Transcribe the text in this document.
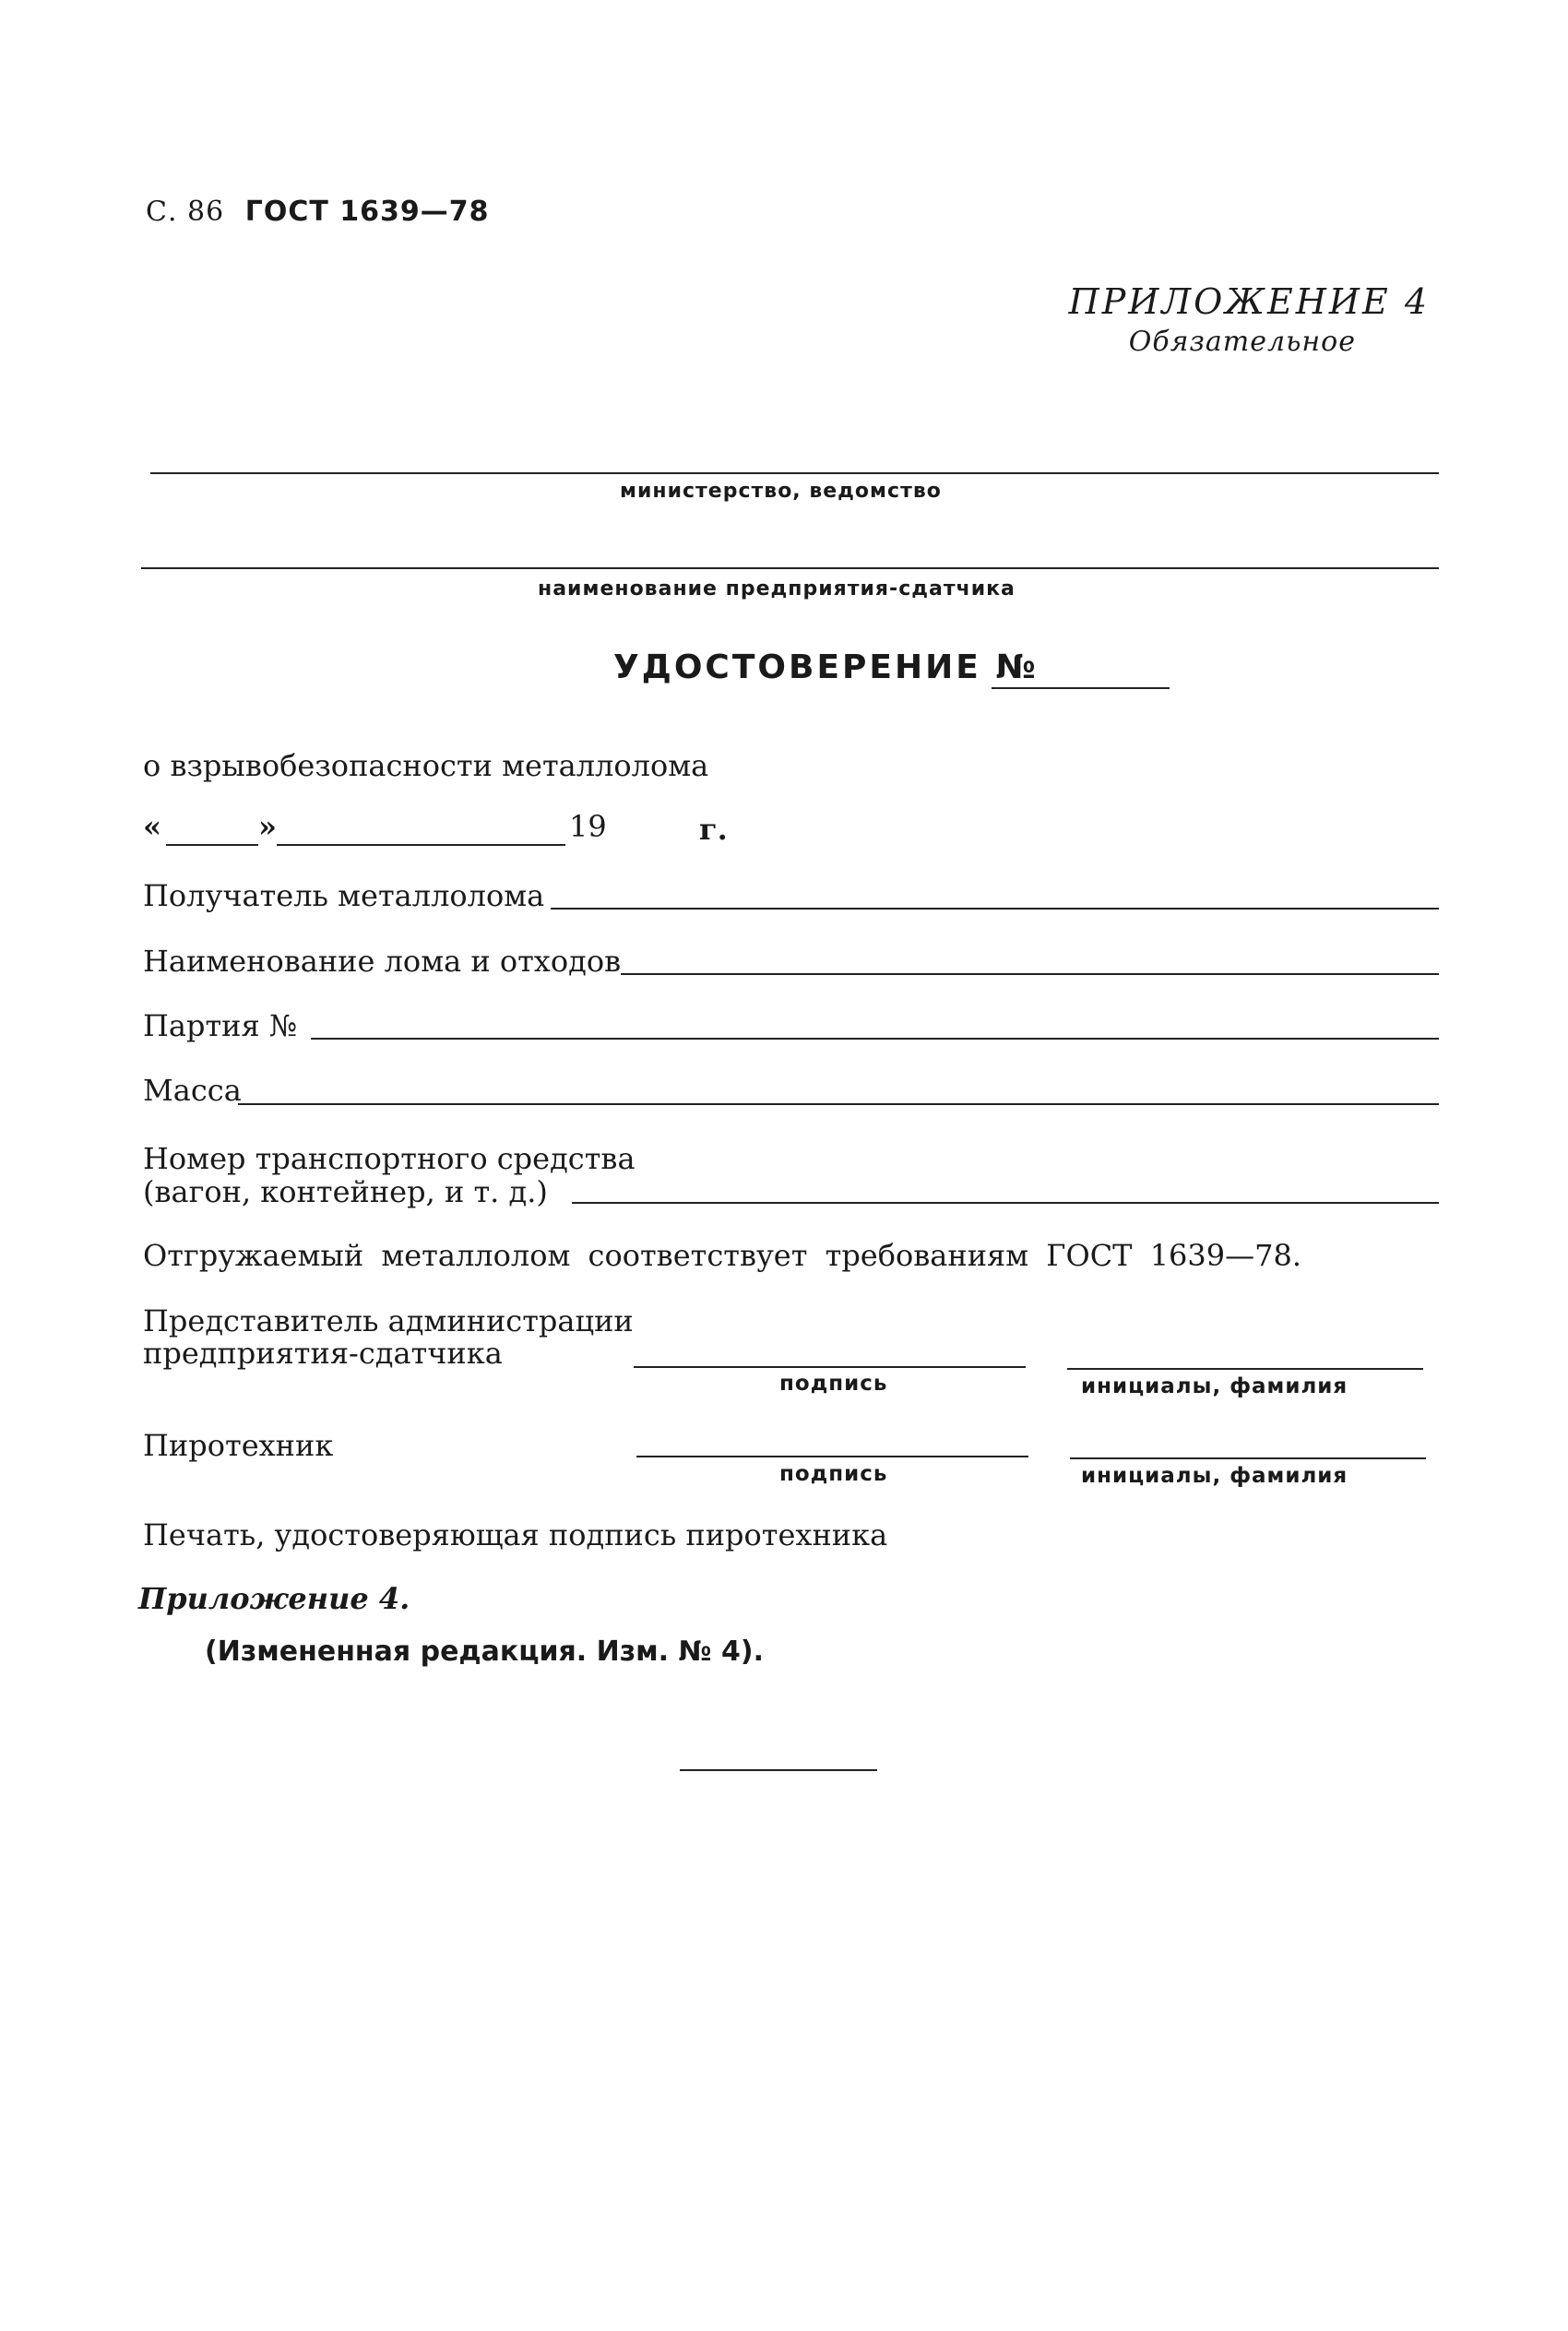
С. 86 ГОСТ 1639—78
ПРИЛОЖЕНИЕ 4
Обязательное
министерство, ведомство
наименование предприятия-сдатчика
УДОСТОВЕРЕНИЕ №
о взрывобезопасности металлолома
«	»	19	г.
Получатель металлолома
Наименование лома и отходов
Партия №
Масса
Номер транспортного средства
(вагон, контейнер, и т. д.)
Отгружаемый металлолом соответствует требованиям ГОСТ 1639—78.
Представитель администрации
предприятия-сдатчика
подпись	инициалы, фамилия
Пиротехник
подпись	инициалы, фамилия
Печать, удостоверяющая подпись пиротехника
Приложение 4.
(Измененная редакция. Изм. № 4).
